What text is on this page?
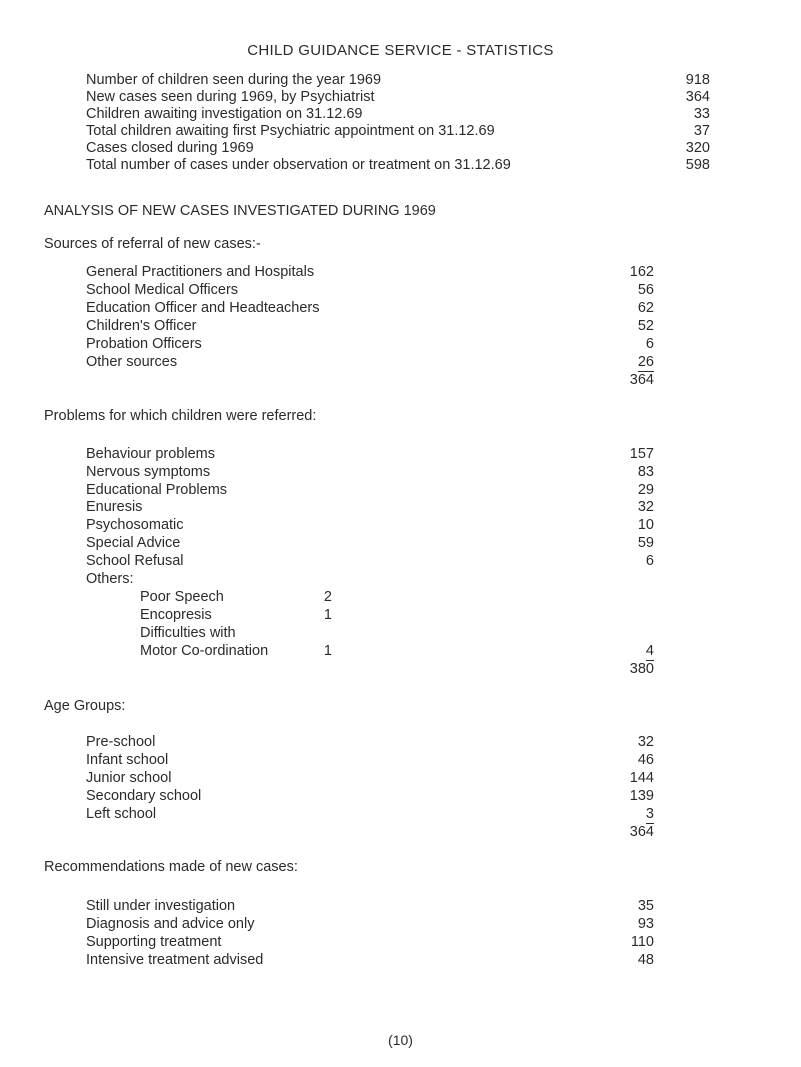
CHILD GUIDANCE SERVICE - STATISTICS
Number of children seen during the year 1969	918
New cases seen during 1969, by Psychiatrist	364
Children awaiting investigation on 31.12.69	33
Total children awaiting first Psychiatric appointment on 31.12.69	37
Cases closed during 1969	320
Total number of cases under observation or treatment on 31.12.69	598
ANALYSIS OF NEW CASES INVESTIGATED DURING 1969
Sources of referral of new cases:-
General Practitioners and Hospitals	162
School Medical Officers	56
Education Officer and Headteachers	62
Children's Officer	52
Probation Officers	6
Other sources	26
364
Problems for which children were referred:
Behaviour problems	157
Nervous symptoms	83
Educational Problems	29
Enuresis	32
Psychosomatic	10
Special Advice	59
School Refusal	6
Others:
Poor Speech	2
Encopresis	1
Difficulties with
Motor Co-ordination	1	4
380
Age Groups:
Pre-school	32
Infant school	46
Junior school	144
Secondary school	139
Left school	3
364
Recommendations made of new cases:
(10)
Still under investigation	35
Diagnosis and advice only	93
Supporting treatment	110
Intensive treatment advised	48
